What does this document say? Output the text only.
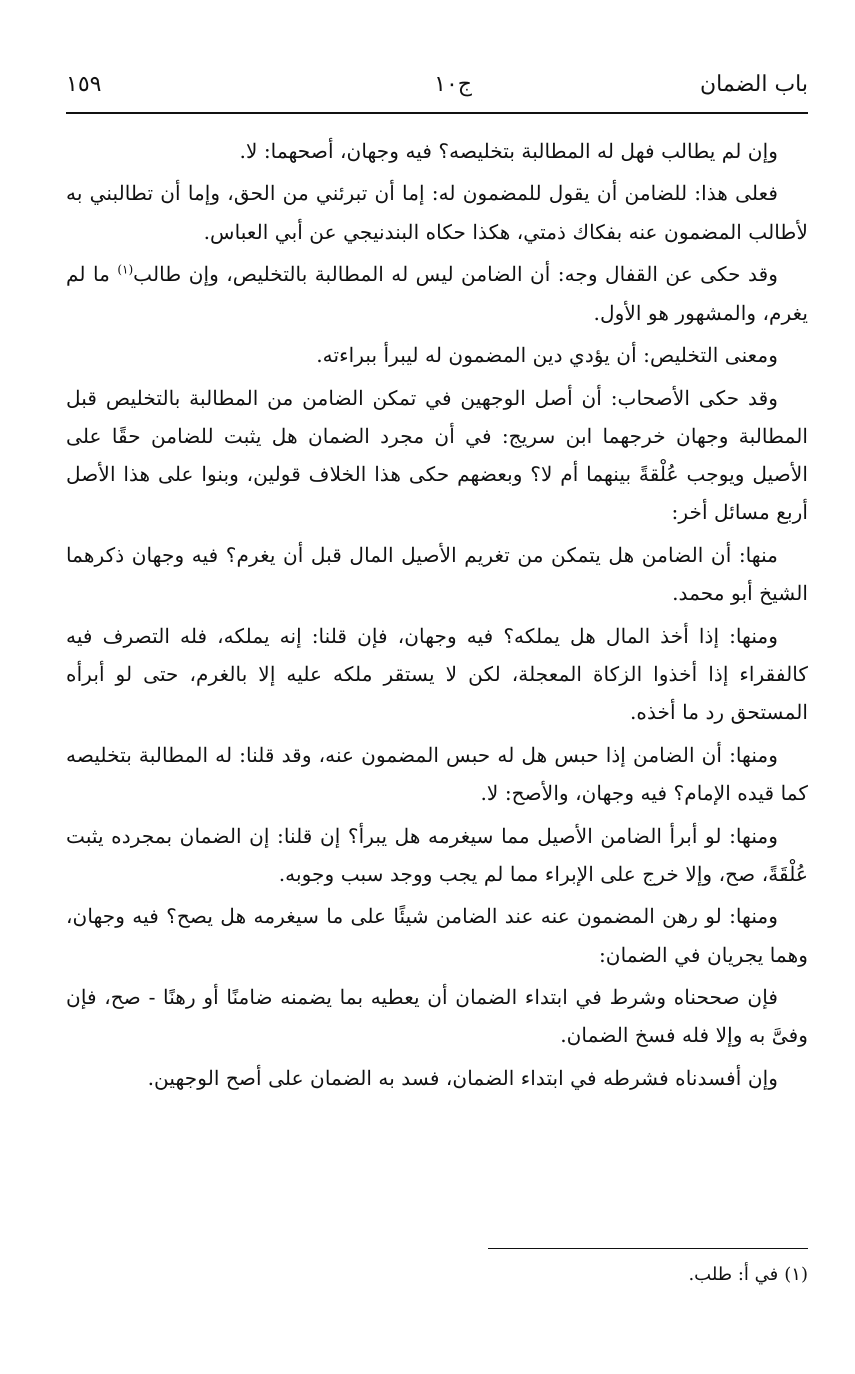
باب الضمان
ج١٠
١٥٩

وإن لم يطالب فهل له المطالبة بتخليصه؟ فيه وجهان، أصحهما: لا.

فعلى هذا: للضامن أن يقول للمضمون له: إما أن تبرئني من الحق، وإما أن تطالبني به لأطالب المضمون عنه بفكاك ذمتي، هكذا حكاه البندنيجي عن أبي العباس.

وقد حكى عن القفال وجه: أن الضامن ليس له المطالبة بالتخليص، وإن طالب$^{(١)}$ ما لم يغرم، والمشهور هو الأول.

ومعنى التخليص: أن يؤدي دين المضمون له ليبرأ ببراءته.

وقد حكى الأصحاب: أن أصل الوجهين في تمكن الضامن من المطالبة بالتخليص قبل المطالبة وجهان خرجهما ابن سريج: في أن مجرد الضمان هل يثبت للضامن حقًا على الأصيل ويوجب عُلْقةً بينهما أم لا؟ وبعضهم حكى هذا الخلاف قولين، وبنوا على هذا الأصل أربع مسائل أخر:

منها: أن الضامن هل يتمكن من تغريم الأصيل المال قبل أن يغرم؟ فيه وجهان ذكرهما الشيخ أبو محمد.

ومنها: إذا أخذ المال هل يملكه؟ فيه وجهان، فإن قلنا: إنه يملكه، فله التصرف فيه كالفقراء إذا أخذوا الزكاة المعجلة، لكن لا يستقر ملكه عليه إلا بالغرم، حتى لو أبرأه المستحق رد ما أخذه.

ومنها: أن الضامن إذا حبس هل له حبس المضمون عنه، وقد قلنا: له المطالبة بتخليصه كما قيده الإمام؟ فيه وجهان، والأصح: لا.

ومنها: لو أبرأ الضامن الأصيل مما سيغرمه هل يبرأ؟ إن قلنا: إن الضمان بمجرده يثبت عُلْقَةً، صح، وإلا خرج على الإبراء مما لم يجب ووجد سبب وجوبه.

ومنها: لو رهن المضمون عنه عند الضامن شيئًا على ما سيغرمه هل يصح؟ فيه وجهان، وهما يجريان في الضمان:

فإن صححناه وشرط في ابتداء الضمان أن يعطيه بما يضمنه ضامنًا أو رهنًا - صح، فإن وفىَّ به وإلا فله فسخ الضمان.

وإن أفسدناه فشرطه في ابتداء الضمان، فسد به الضمان على أصح الوجهين.

(١)في أ: طلب.
